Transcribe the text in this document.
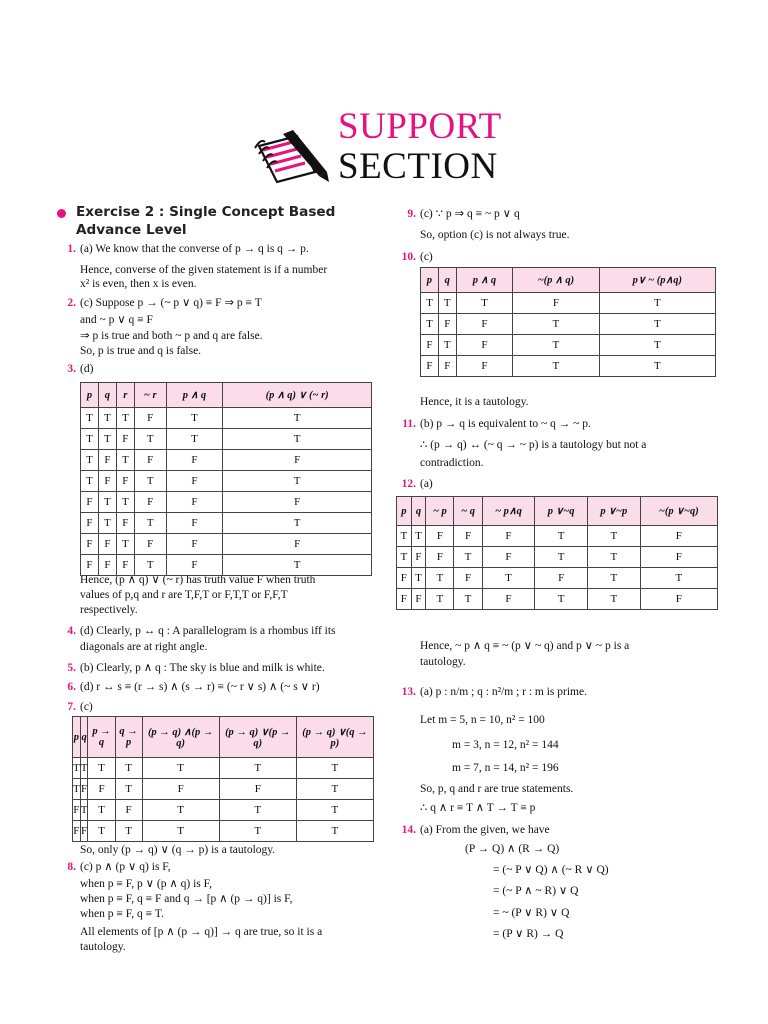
SUPPORT
SECTION
Exercise 2 : Single Concept Based
Advance Level
1. (a) We know that the converse of p → q is q → p.
Hence, converse of the given statement is if a number
x² is even, then x is even.
2. (c) Suppose p → (~ p ∨ q) ≡ F ⇒ p ≡ T
and ~ p ∨ q ≡ F
⇒ p is true and both ~ p and q are false.
So, p is true and q is false.
3. (d)
Hence, (p ∧ q) ∨ (~ r) has truth value F when truth
values of p,q and r are T,F,T or F,T,T or F,F,T
respectively.
4. (d) Clearly, p ↔ q : A parallelogram is a rhombus iff its
diagonals are at right angle.
5. (b) Clearly, p ∧ q : The sky is blue and milk is white.
6. (d) r ↔ s ≡ (r → s) ∧ (s → r) ≡ (~ r ∨ s) ∧ (~ s ∨ r)
7. (c)
So, only (p → q) ∨ (q → p) is a tautology.
8. (c) p ∧ (p ∨ q) is F,
when p ≡ F, p ∨ (p ∧ q) is F,
when p ≡ F, q ≡ F and q → [p ∧ (p → q)] is F,
when p ≡ F, q ≡ T.
All elements of [p ∧ (p → q)] → q are true, so it is a
tautology.
9. (c) ∵ p ⇒ q ≡ ~ p ∨ q
So, option (c) is not always true.
10. (c)
Hence, it is a tautology.
11. (b) p → q is equivalent to ~ q → ~ p.
∴ (p → q) ↔ (~ q → ~ p) is a tautology but not a
contradiction.
12. (a)
Hence, ~ p ∧ q ≡ ~ (p ∨ ~ q) and p ∨ ~ p is a
tautology.
13. (a) p : n/m ; q : n²/m ; r : m is prime.
Let m = 5, n = 10, n² = 100
m = 3, n = 12, n² = 144
m = 7, n = 14, n² = 196
So, p, q and r are true statements.
∴ q ∧ r ≡ T ∧ T → T ≡ p
14. (a) From the given, we have
(P → Q) ∧ (R → Q)
= (~ P ∨ Q) ∧ (~ R ∨ Q)
= (~ P ∧ ~ R) ∨ Q
= ~ (P ∨ R) ∨ Q
= (P ∨ R) → Q
p	q	r	~ r	p ∧ q	(p ∧ q) ∨ (~ r)
T	T	T	F	T	T
T	T	F	T	T	T
T	F	T	F	F	F
T	F	F	T	F	T
F	T	T	F	F	F
F	T	F	T	F	T
F	F	T	F	F	F
F	F	F	T	F	T
p	q	p → q	q → p	(p → q) ∧(p → q)	(p → q) ∨(p → q)	(p → q) ∨(q → p)
T	T	T	T	T	T	T
T	F	F	T	F	F	T
F	T	T	F	T	T	T
F	F	T	T	T	T	T
p	q	p ∧ q	~(p ∧ q)	p∨ ~ (p∧q)
T	T	T	F	T
T	F	F	T	T
F	T	F	T	T
F	F	F	T	T
p	q	~ p	~ q	~ p∧q	p ∨~q	p ∨~p	~(p ∨~q)
T	T	F	F	F	T	T	F
T	F	F	T	F	T	T	F
F	T	T	F	T	F	T	T
F	F	T	T	F	T	T	F
